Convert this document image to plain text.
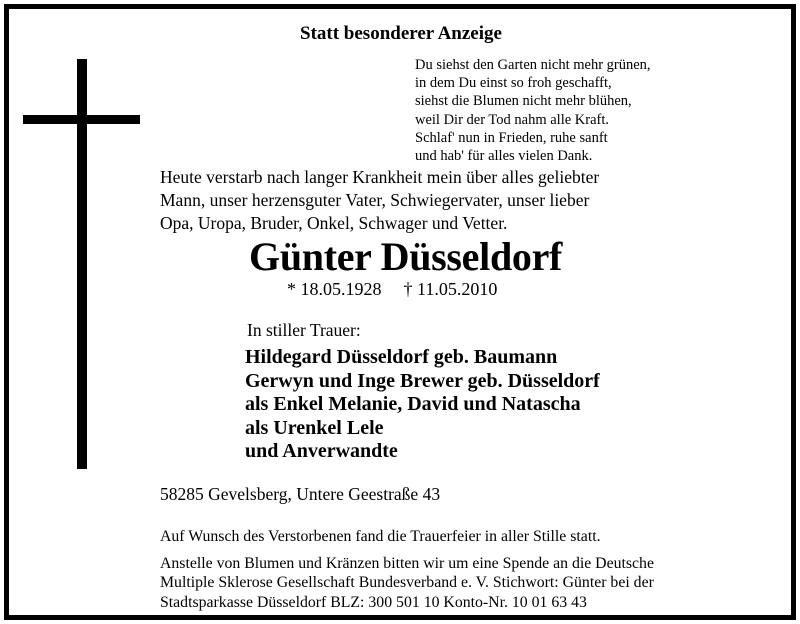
Statt besonderer Anzeige
Du siehst den Garten nicht mehr grünen,
in dem Du einst so froh geschafft,
siehst die Blumen nicht mehr blühen,
weil Dir der Tod nahm alle Kraft.
Schlaf' nun in Frieden, ruhe sanft
und hab' für alles vielen Dank.
Heute verstarb nach langer Krankheit mein über alles geliebter
Mann, unser herzensguter Vater, Schwiegervater, unser lieber
Opa, Uropa, Bruder, Onkel, Schwager und Vetter.
Günter Düsseldorf
* 18.05.1928 † 11.05.2010
In stiller Trauer:
Hildegard Düsseldorf geb. Baumann
Gerwyn und Inge Brewer geb. Düsseldorf
als Enkel Melanie, David und Natascha
als Urenkel Lele
und Anverwandte
58285 Gevelsberg, Untere Geestraße 43
Auf Wunsch des Verstorbenen fand die Trauerfeier in aller Stille statt.
Anstelle von Blumen und Kränzen bitten wir um eine Spende an die Deutsche
Multiple Sklerose Gesellschaft Bundesverband e. V. Stichwort: Günter bei der
Stadtsparkasse Düsseldorf BLZ: 300 501 10 Konto-Nr. 10 01 63 43
